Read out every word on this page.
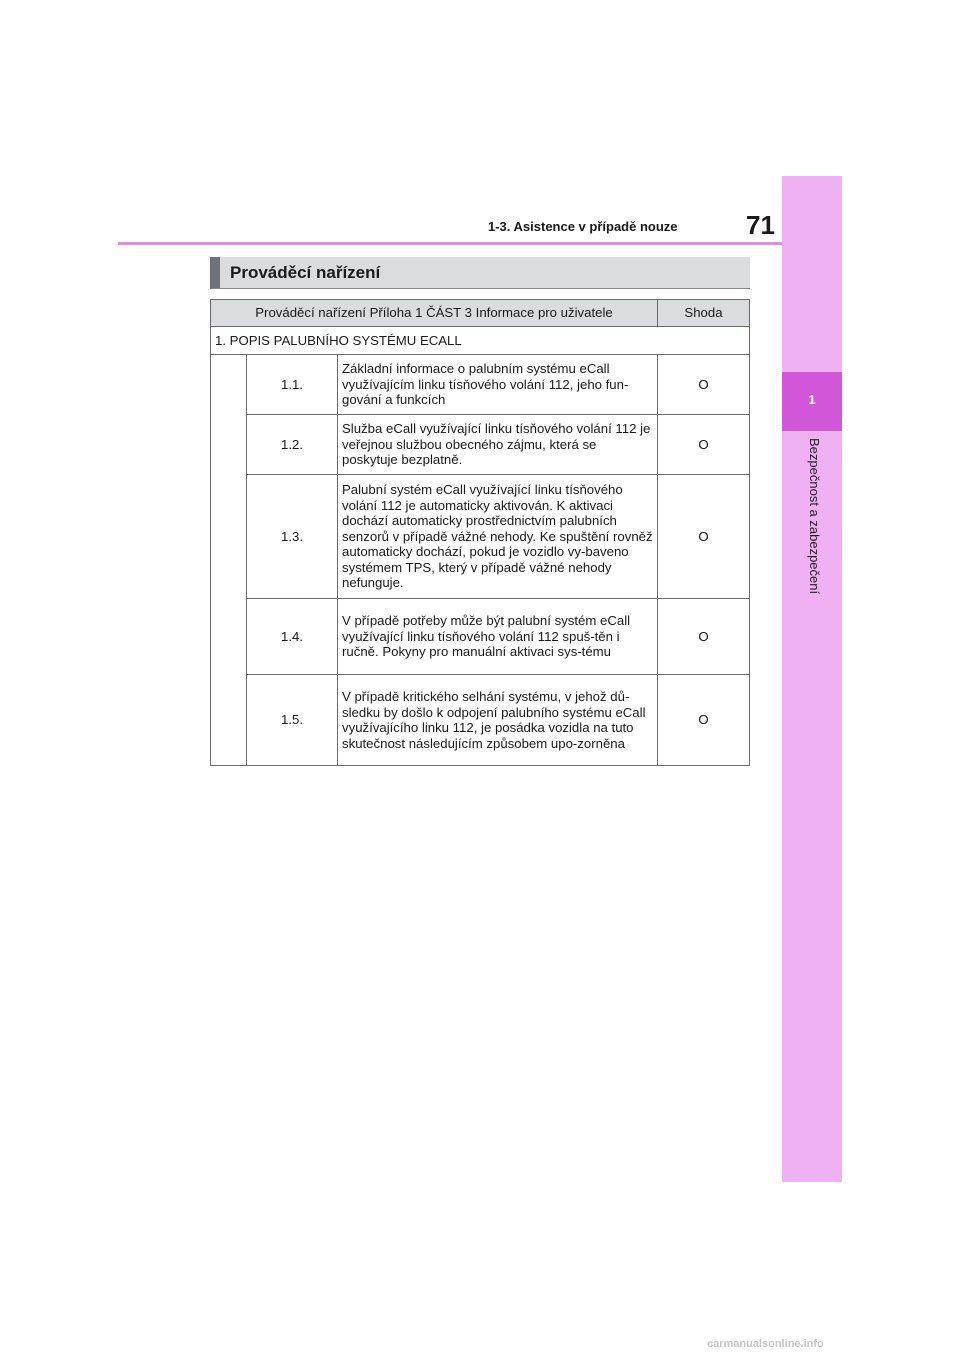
1-3. Asistence v případě nouze	71
1
Bezpečnost a zabezpečení
Prováděcí nařízení
Prováděcí nařízení Příloha 1 ČÁST 3 Informace pro uživatele			Shoda
1. POPIS PALUBNÍHO SYSTÉMU ECALL			
	1.1.	Základní informace o palubním systému eCall využívajícím linku tísňového volání 112, jeho fun-gování a funkcích	O
	1.2.	Služba eCall využívající linku tísňového volání 112 je veřejnou službou obecného zájmu, která se poskytuje bezplatně.	O
	1.3.	Palubní systém eCall využívající linku tísňového volání 112 je automaticky aktivován. K aktivaci dochází automaticky prostřednictvím palubních senzorů v případě vážné nehody. Ke spuštění rovněž automaticky dochází, pokud je vozidlo vy-baveno systémem TPS, který v případě vážné nehody nefunguje.	O
	1.4.	V případě potřeby může být palubní systém eCall využívající linku tísňového volání 112 spuš-těn i ručně. Pokyny pro manuální aktivaci sys-tému	O
	1.5.	V případě kritického selhání systému, v jehož dů-sledku by došlo k odpojení palubního systému eCall využívajícího linku 112, je posádka vozidla na tuto skutečnost následujícím způsobem upo-zorněna	O
carmanualsonline.info
